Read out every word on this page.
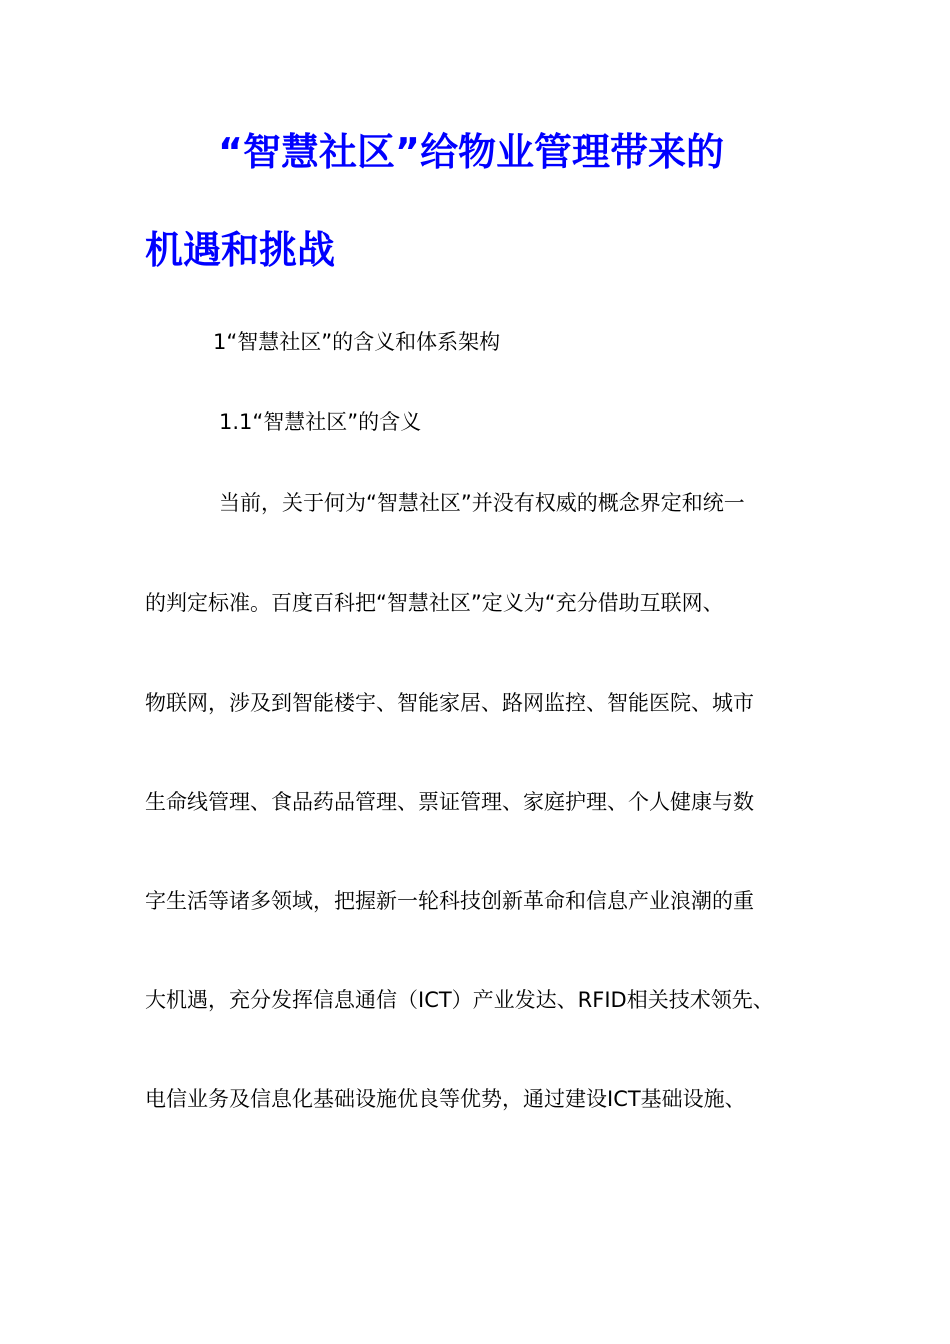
“智慧社区”给物业管理带来的
机遇和挑战
1“智慧社区”的含义和体系架构
1.1“智慧社区”的含义
当前，关于何为“智慧社区”并没有权威的概念界定和统一
的判定标准。百度百科把“智慧社区”定义为“充分借助互联网、
物联网，涉及到智能楼宇、智能家居、路网监控、智能医院、城市
生命线管理、食品药品管理、票证管理、家庭护理、个人健康与数
字生活等诸多领域，把握新一轮科技创新革命和信息产业浪潮的重
大机遇，充分发挥信息通信（ICT）产业发达、RFID相关技术领先、
电信业务及信息化基础设施优良等优势，通过建设ICT基础设施、
